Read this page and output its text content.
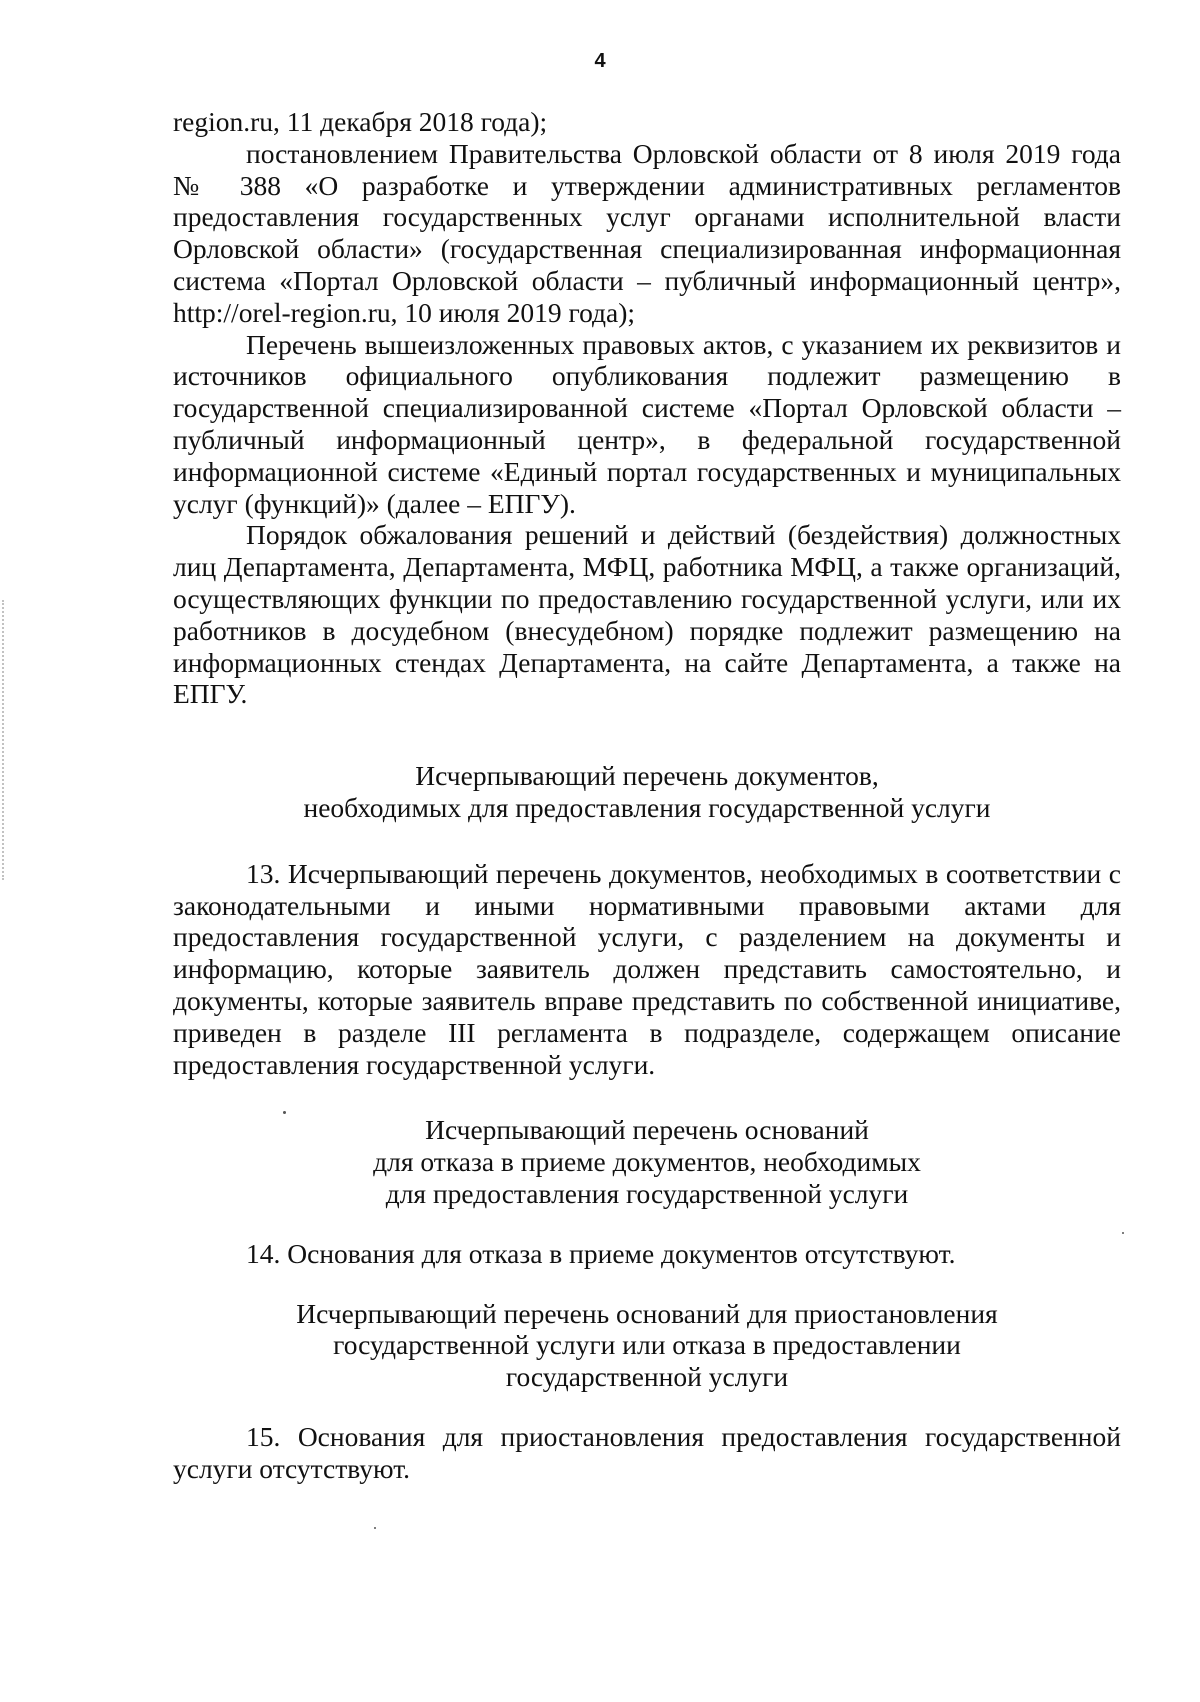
4

region.ru, 11 декабря 2018 года);

постановлением Правительства Орловской области от 8 июля 2019 года № 388 «О разработке и утверждении административных регламентов предоставления государственных услуг органами исполнительной власти Орловской области» (государственная специализированная информационная система «Портал Орловской области – публичный информационный центр», http://orel-region.ru, 10 июля 2019 года);

Перечень вышеизложенных правовых актов, с указанием их реквизитов и источников официального опубликования подлежит размещению в государственной специализированной системе «Портал Орловской области – публичный информационный центр», в федеральной государственной информационной системе «Единый портал государственных и муниципальных услуг (функций)» (далее – ЕПГУ).

Порядок обжалования решений и действий (бездействия) должностных лиц Департамента, Департамента, МФЦ, работника МФЦ, а также организаций, осуществляющих функции по предоставлению государственной услуги, или их работников в досудебном (внесудебном) порядке подлежит размещению на информационных стендах Департамента, на сайте Департамента, а также на ЕПГУ.

Исчерпывающий перечень документов,
необходимых для предоставления государственной услуги

13. Исчерпывающий перечень документов, необходимых в соответствии с законодательными и иными нормативными правовыми актами для предоставления государственной услуги, с разделением на документы и информацию, которые заявитель должен представить самостоятельно, и документы, которые заявитель вправе представить по собственной инициативе, приведен в разделе III регламента в подразделе, содержащем описание предоставления государственной услуги.

Исчерпывающий перечень оснований
для отказа в приеме документов, необходимых
для предоставления государственной услуги

14. Основания для отказа в приеме документов отсутствуют.

Исчерпывающий перечень оснований для приостановления
государственной услуги или отказа в предоставлении
государственной услуги

15. Основания для приостановления предоставления государственной услуги отсутствуют.
